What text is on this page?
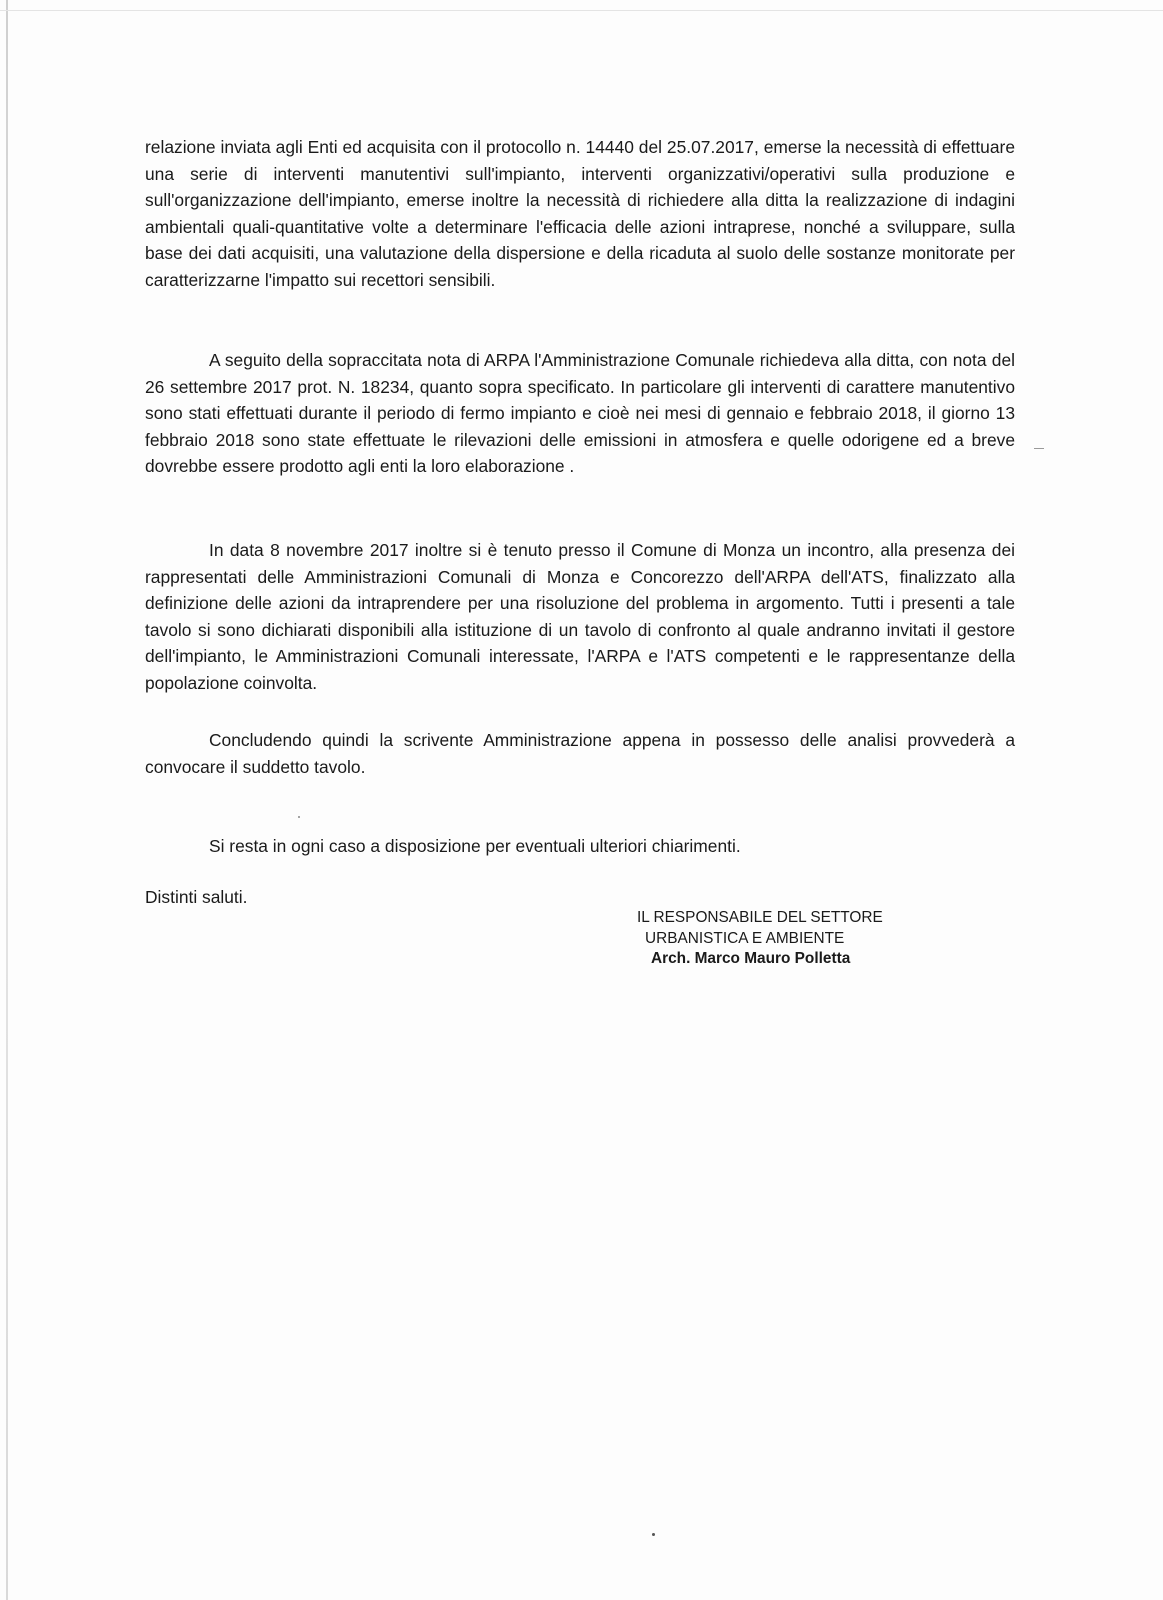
relazione inviata agli Enti ed acquisita con il protocollo n. 14440 del 25.07.2017, emerse la necessità di effettuare una serie di interventi manutentivi sull'impianto, interventi organizzativi/operativi sulla produzione e sull'organizzazione dell'impianto, emerse inoltre la necessità di richiedere alla ditta la realizzazione di indagini ambientali quali-quantitative volte a determinare l'efficacia delle azioni intraprese, nonché a sviluppare, sulla base dei dati acquisiti, una valutazione della dispersione e della ricaduta al suolo delle sostanze monitorate per caratterizzarne l'impatto sui recettori sensibili.

A seguito della sopraccitata nota di ARPA l'Amministrazione Comunale richiedeva alla ditta, con nota del 26 settembre 2017 prot. N. 18234, quanto sopra specificato. In particolare gli interventi di carattere manutentivo sono stati effettuati durante il periodo di fermo impianto e cioè nei mesi di gennaio e febbraio 2018, il giorno 13 febbraio 2018 sono state effettuate le rilevazioni delle emissioni in atmosfera e quelle odorigene ed a breve dovrebbe essere prodotto agli enti la loro elaborazione .

In data 8 novembre 2017 inoltre si è tenuto presso il Comune di Monza un incontro, alla presenza dei rappresentati delle Amministrazioni Comunali di Monza e Concorezzo dell'ARPA dell'ATS, finalizzato alla definizione delle azioni da intraprendere per una risoluzione del problema in argomento. Tutti i presenti a tale tavolo si sono dichiarati disponibili alla istituzione di un tavolo di confronto al quale andranno invitati il gestore dell'impianto, le Amministrazioni Comunali interessate, l'ARPA e l'ATS competenti e le rappresentanze della popolazione coinvolta.

Concludendo quindi la scrivente Amministrazione appena in possesso delle analisi provvederà a convocare il suddetto tavolo.

Si resta in ogni caso a disposizione per eventuali ulteriori chiarimenti.

Distinti saluti.

IL RESPONSABILE DEL SETTORE
URBANISTICA E AMBIENTE
Arch. Marco Mauro Polletta
